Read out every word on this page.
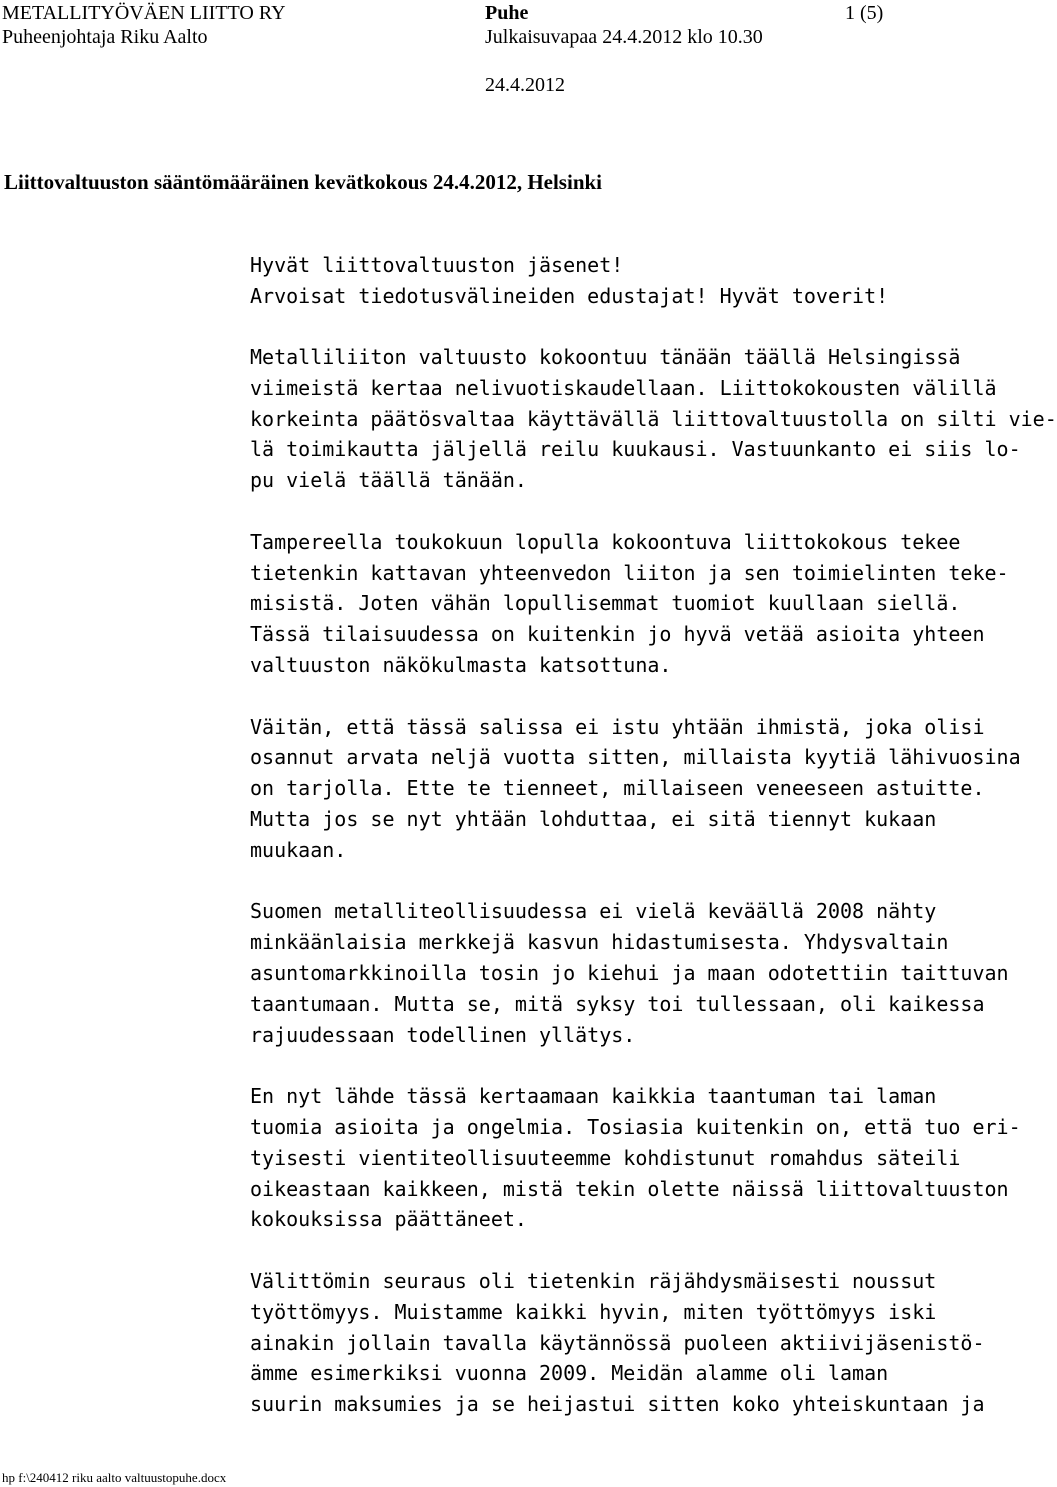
METALLITYÖVÄEN LIITTO RY
Puheenjohtaja Riku Aalto
Puhe
Julkaisuvapaa 24.4.2012 klo 10.30
1 (5)
24.4.2012
Liittovaltuuston sääntömääräinen kevätkokous 24.4.2012, Helsinki
Hyvät liittovaltuuston jäsenet!
Arvoisat tiedotusvälineiden edustajat! Hyvät toverit!
Metalliliiton valtuusto kokoontuu tänään täällä Helsingissä
viimeistä kertaa nelivuotiskaudellaan. Liittokokousten välillä
korkeinta päätösvaltaa käyttävällä liittovaltuustolla on silti vie-
lä toimikautta jäljellä reilu kuukausi. Vastuunkanto ei siis lo-
pu vielä täällä tänään.
Tampereella toukokuun lopulla kokoontuva liittokokous tekee
tietenkin kattavan yhteenvedon liiton ja sen toimielinten teke-
misistä. Joten vähän lopullisemmat tuomiot kuullaan siellä.
Tässä tilaisuudessa on kuitenkin jo hyvä vetää asioita yhteen
valtuuston näkökulmasta katsottuna.
Väitän, että tässä salissa ei istu yhtään ihmistä, joka olisi
osannut arvata neljä vuotta sitten, millaista kyytiä lähivuosina
on tarjolla. Ette te tienneet, millaiseen veneeseen astuitte.
Mutta jos se nyt yhtään lohduttaa, ei sitä tiennyt kukaan
muukaan.
Suomen metalliteollisuudessa ei vielä keväällä 2008 nähty
minkäänlaisia merkkejä kasvun hidastumisesta. Yhdysvaltain
asuntomarkkinoilla tosin jo kiehui ja maan odotettiin taittuvan
taantumaan. Mutta se, mitä syksy toi tullessaan, oli kaikessa
rajuudessaan todellinen yllätys.
En nyt lähde tässä kertaamaan kaikkia taantuman tai laman
tuomia asioita ja ongelmia. Tosiasia kuitenkin on, että tuo eri-
tyisesti vientiteollisuuteemme kohdistunut romahdus säteili
oikeastaan kaikkeen, mistä tekin olette näissä liittovaltuuston
kokouksissa päättäneet.
Välittömin seuraus oli tietenkin räjähdysmäisesti noussut
työttömyys. Muistamme kaikki hyvin, miten työttömyys iski
ainakin jollain tavalla käytännössä puoleen aktiivijäsenistö-
ämme esimerkiksi vuonna 2009. Meidän alamme oli laman
suurin maksumies ja se heijastui sitten koko yhteiskuntaan ja
hp f:\240412 riku aalto valtuustopuhe.docx
